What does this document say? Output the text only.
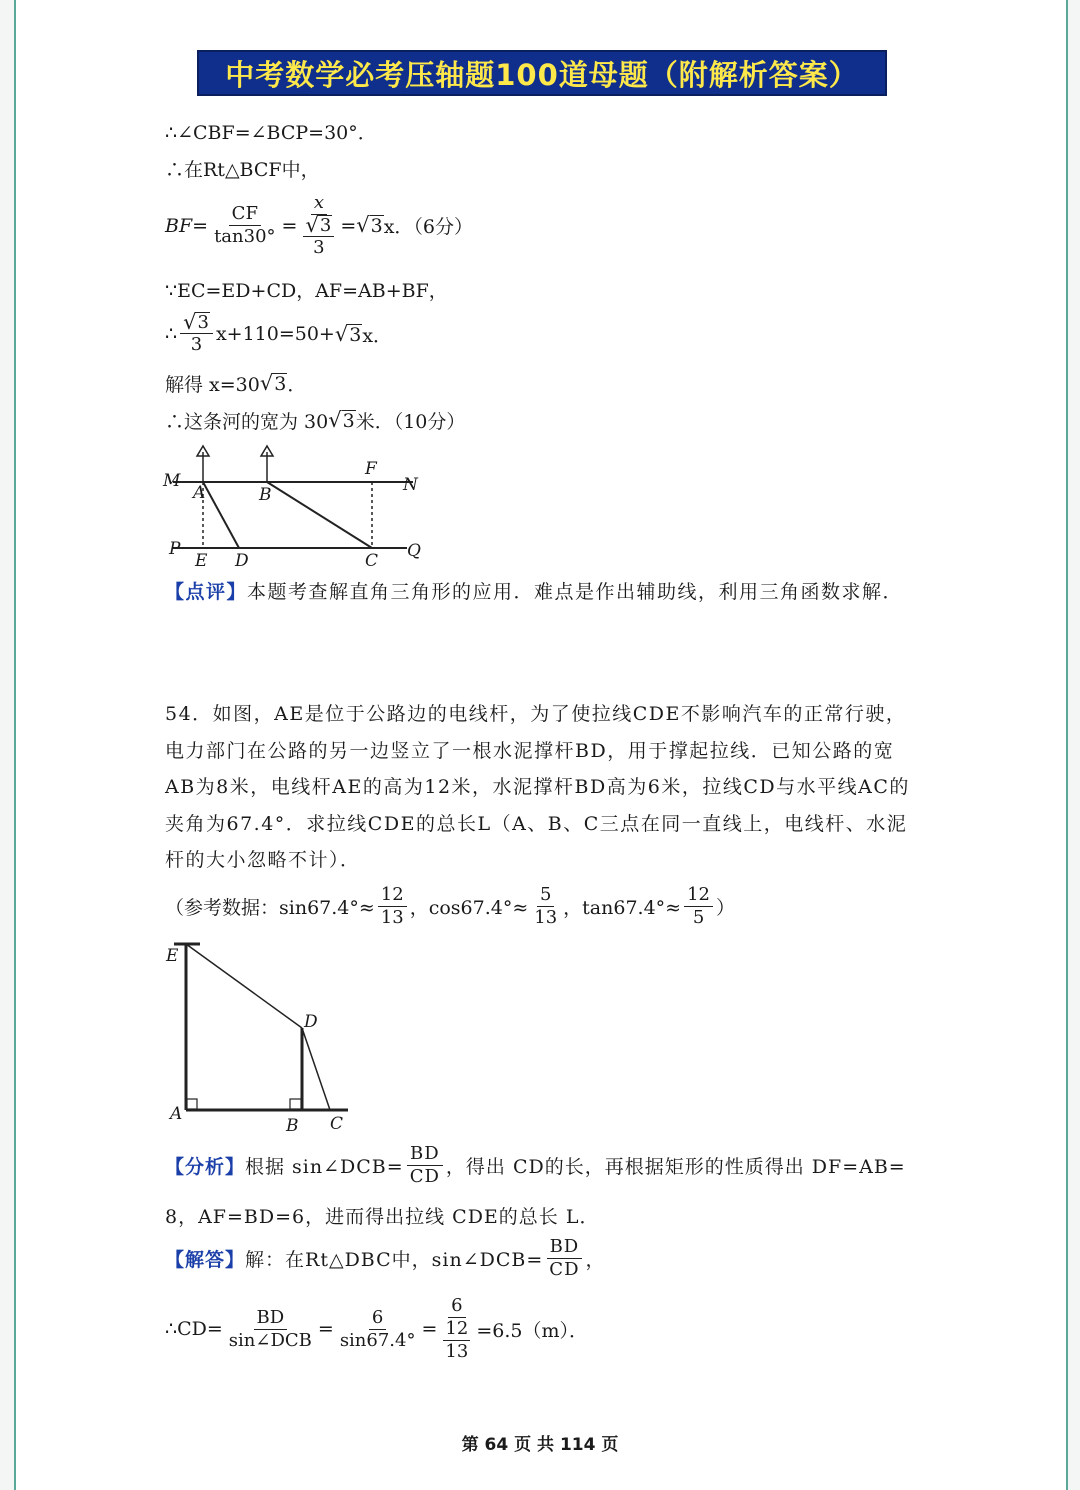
中考数学必考压轴题100道母题（附解析答案）
∴∠CBF=∠BCP=30°．
∴在Rt△BCF中，
$BF= \frac{CF}{\tan 30^\circ} = x$
√ 3
3 = √ 3 x．（6分）
∵EC=ED+CD，AF=AB+BF，
∴ $\frac{√ 3}{3} x+110=50+$ √ 3 x．
解得 x=30 √ 3 ．
∴这条河的宽为 30 √ 3 米．（10分）
M
A	B
F
N
P
E D	C Q
【点评】本题考查解直角三角形的应用．难点是作出辅助线，利用三角函数求解．
54．如图，AE是位于公路边的电线杆，为了使拉线CDE不影响汽车的正常行驶，电力部门在公路的另一边竖立了一根水泥撑杆BD，用于撑起拉线．已知公路的宽AB为8米，电线杆AE的高为12米，水泥撑杆BD高为6米，拉线CD与水平线AC的夹角为67.4°．求拉线CDE的总长L（A、B、C三点在同一直线上，电线杆、水泥杆的大小忽略不计）．
（参考数据：$\sin 67.4^\circ\approx \frac{12}{13}$ ，$\cos 67.4^\circ\approx \frac{5}{13}$ ，$\tan 67.4^\circ\approx \frac{12}{5}$ ）
E
D
A
B C
【分析】 根据 sin∠DCB= $\frac{BD}{CD}$ ，得出 CD的长，再根据矩形的性质得出 DF=AB=
8，AF=BD=6，进而得出拉线 CDE的总长 L．
【解答】 解：在Rt△DBC中，sin∠DCB= $\frac{BD}{CD}$ ，
∴CD= $\frac{BD}{\text{sin∠DCB}} = \frac{6}{\sin 67.4^\circ} = 6$
12
13 =6.5（m）．
第 64 页 共 114 页
